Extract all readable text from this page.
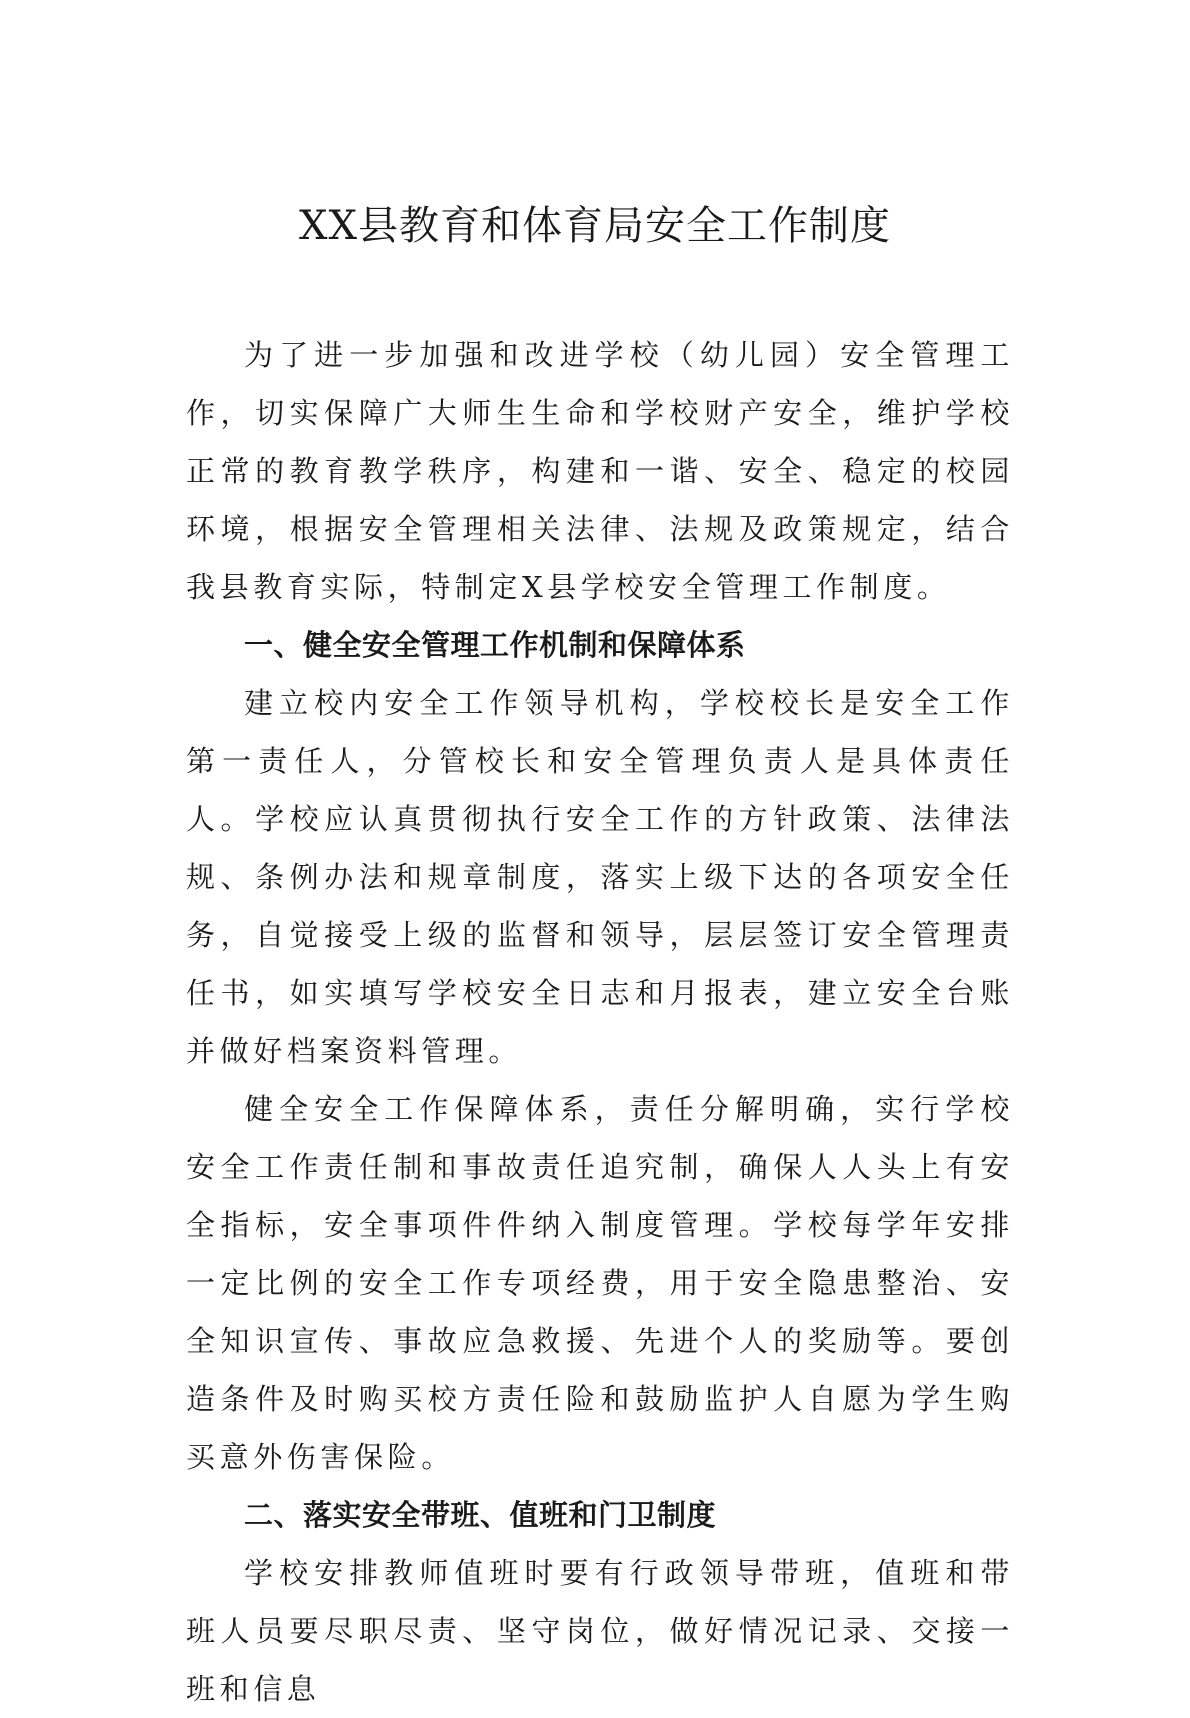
XX县教育和体育局安全工作制度

为了进一步加强和改进学校（幼儿园）安全管理工作，切实保障广大师生生命和学校财产安全，维护学校正常的教育教学秩序，构建和一谐、安全、稳定的校园环境，根据安全管理相关法律、法规及政策规定，结合我县教育实际，特制定X县学校安全管理工作制度。

一、健全安全管理工作机制和保障体系

建立校内安全工作领导机构，学校校长是安全工作第一责任人，分管校长和安全管理负责人是具体责任人。学校应认真贯彻执行安全工作的方针政策、法律法规、条例办法和规章制度，落实上级下达的各项安全任务，自觉接受上级的监督和领导，层层签订安全管理责任书，如实填写学校安全日志和月报表，建立安全台账并做好档案资料管理。

健全安全工作保障体系，责任分解明确，实行学校安全工作责任制和事故责任追究制，确保人人头上有安全指标，安全事项件件纳入制度管理。学校每学年安排一定比例的安全工作专项经费，用于安全隐患整治、安全知识宣传、事故应急救援、先进个人的奖励等。要创造条件及时购买校方责任险和鼓励监护人自愿为学生购买意外伤害保险。

二、落实安全带班、值班和门卫制度

学校安排教师值班时要有行政领导带班，值班和带班人员要尽职尽责、坚守岗位，做好情况记录、交接一班和信息
